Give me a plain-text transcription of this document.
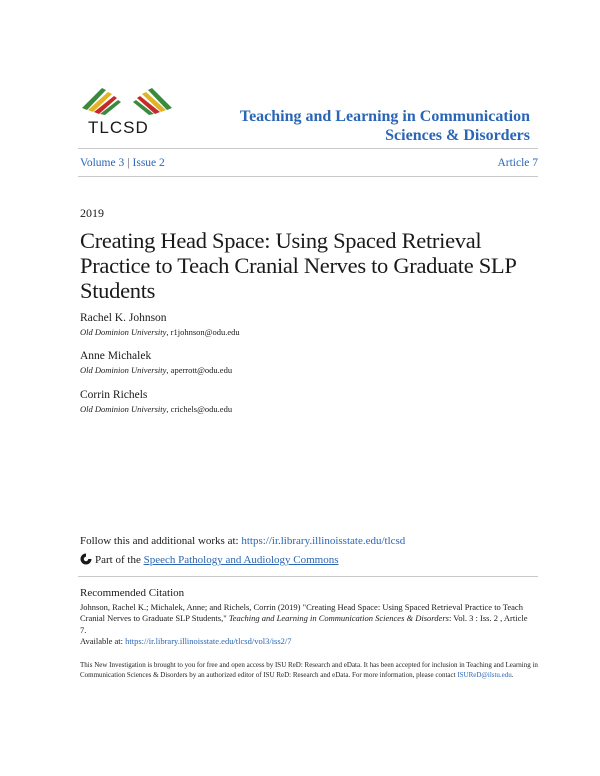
TLCSD
Teaching and Learning in Communication
Sciences & Disorders
Volume 3 | Issue 2	Article 7
2019
Creating Head Space: Using Spaced Retrieval Practice to Teach Cranial Nerves to Graduate SLP Students
Rachel K. Johnson
Old Dominion University, r1johnson@odu.edu
Anne Michalek
Old Dominion University, aperrott@odu.edu
Corrin Richels
Old Dominion University, crichels@odu.edu
Follow this and additional works at: https://ir.library.illinoisstate.edu/tlcsd
Part of the Speech Pathology and Audiology Commons
Recommended Citation
Johnson, Rachel K.; Michalek, Anne; and Richels, Corrin (2019) "Creating Head Space: Using Spaced Retrieval Practice to Teach Cranial Nerves to Graduate SLP Students," Teaching and Learning in Communication Sciences & Disorders: Vol. 3 : Iss. 2 , Article 7.
Available at: https://ir.library.illinoisstate.edu/tlcsd/vol3/iss2/7
This New Investigation is brought to you for free and open access by ISU ReD: Research and eData. It has been accepted for inclusion in Teaching and Learning in Communication Sciences & Disorders by an authorized editor of ISU ReD: Research and eData. For more information, please contact ISUReD@ilstu.edu.
